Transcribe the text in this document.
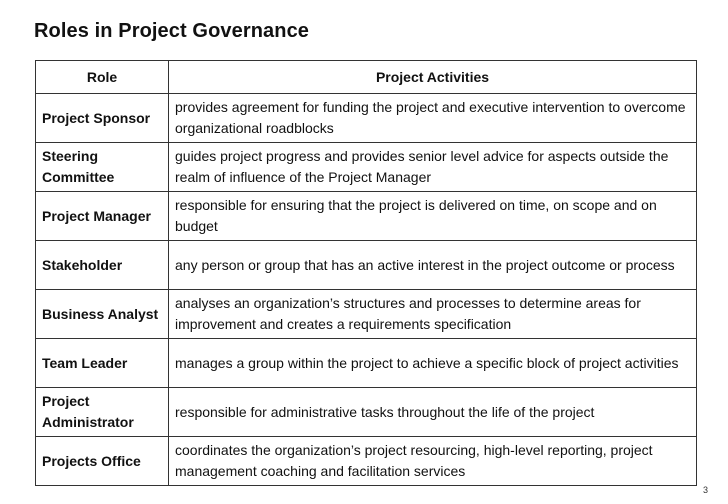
Roles in Project Governance
Role	Project Activities
Project Sponsor	provides agreement for funding the project and executive intervention to overcome organizational roadblocks
Steering Committee	guides project progress and provides senior level advice for aspects outside the realm of influence of the Project Manager
Project Manager	responsible for ensuring that the project is delivered on time, on scope and on budget
Stakeholder	any person or group that has an active interest in the project outcome or process
Business Analyst	analyses an organization’s structures and processes to determine areas for improvement and creates a requirements specification
Team Leader	manages a group within the project to achieve a specific block of project activities
Project Administrator	responsible for administrative tasks throughout the life of the project
Projects Office	coordinates the organization’s project resourcing, high-level reporting, project management coaching and facilitation services
3
